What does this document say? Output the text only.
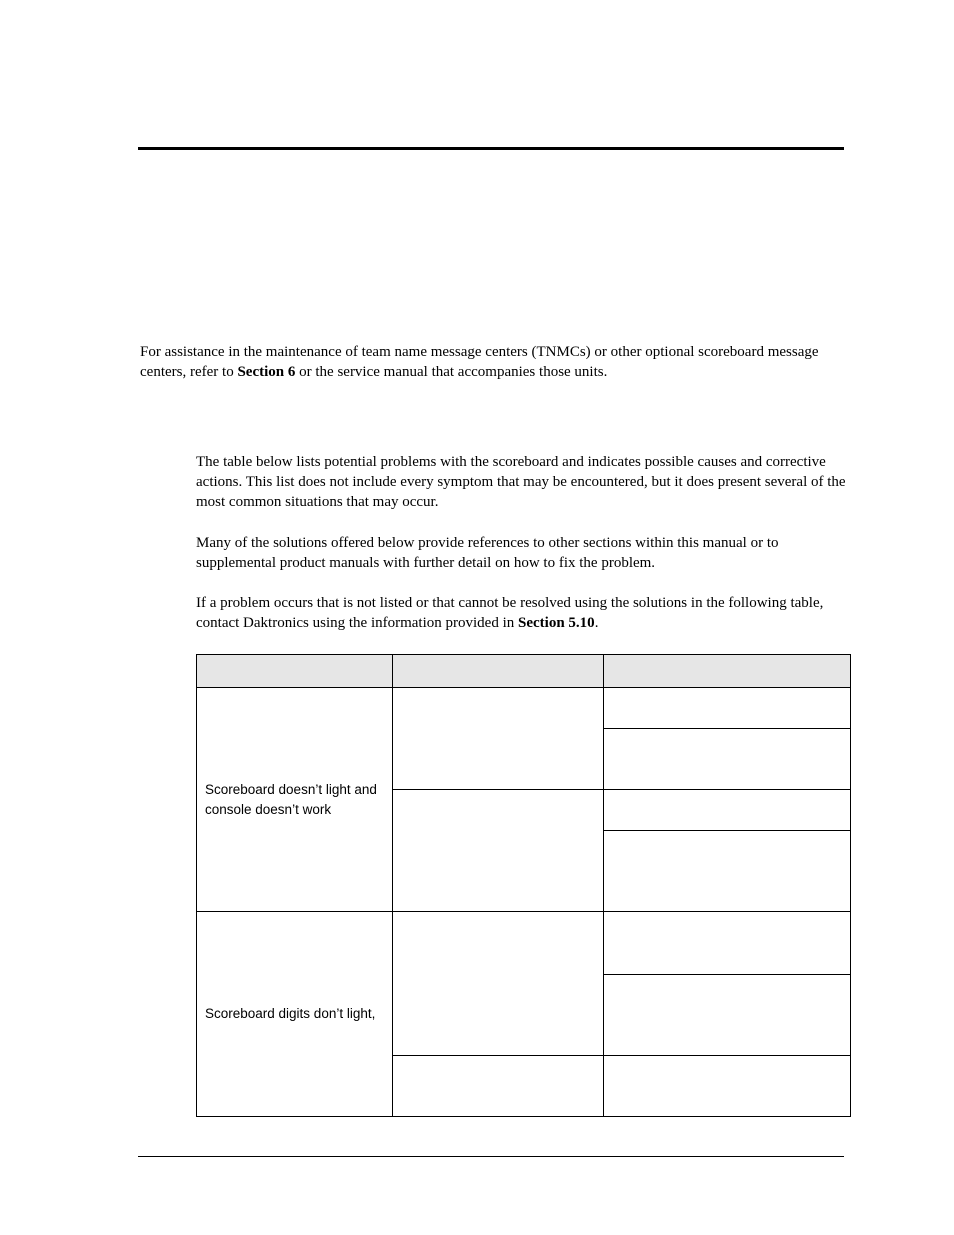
For assistance in the maintenance of team name message centers (TNMCs) or other optional scoreboard message centers, refer to Section 6 or the service manual that accompanies those units.

The table below lists potential problems with the scoreboard and indicates possible causes and corrective actions. This list does not include every symptom that may be encountered, but it does present several of the most common situations that may occur.

Many of the solutions offered below provide references to other sections within this manual or to supplemental product manuals with further detail on how to fix the problem.

If a problem occurs that is not listed or that cannot be resolved using the solutions in the following table, contact Daktronics using the information provided in Section 5.10.

Scoreboard doesn’t light and console doesn’t work		

Scoreboard digits don’t light,		
